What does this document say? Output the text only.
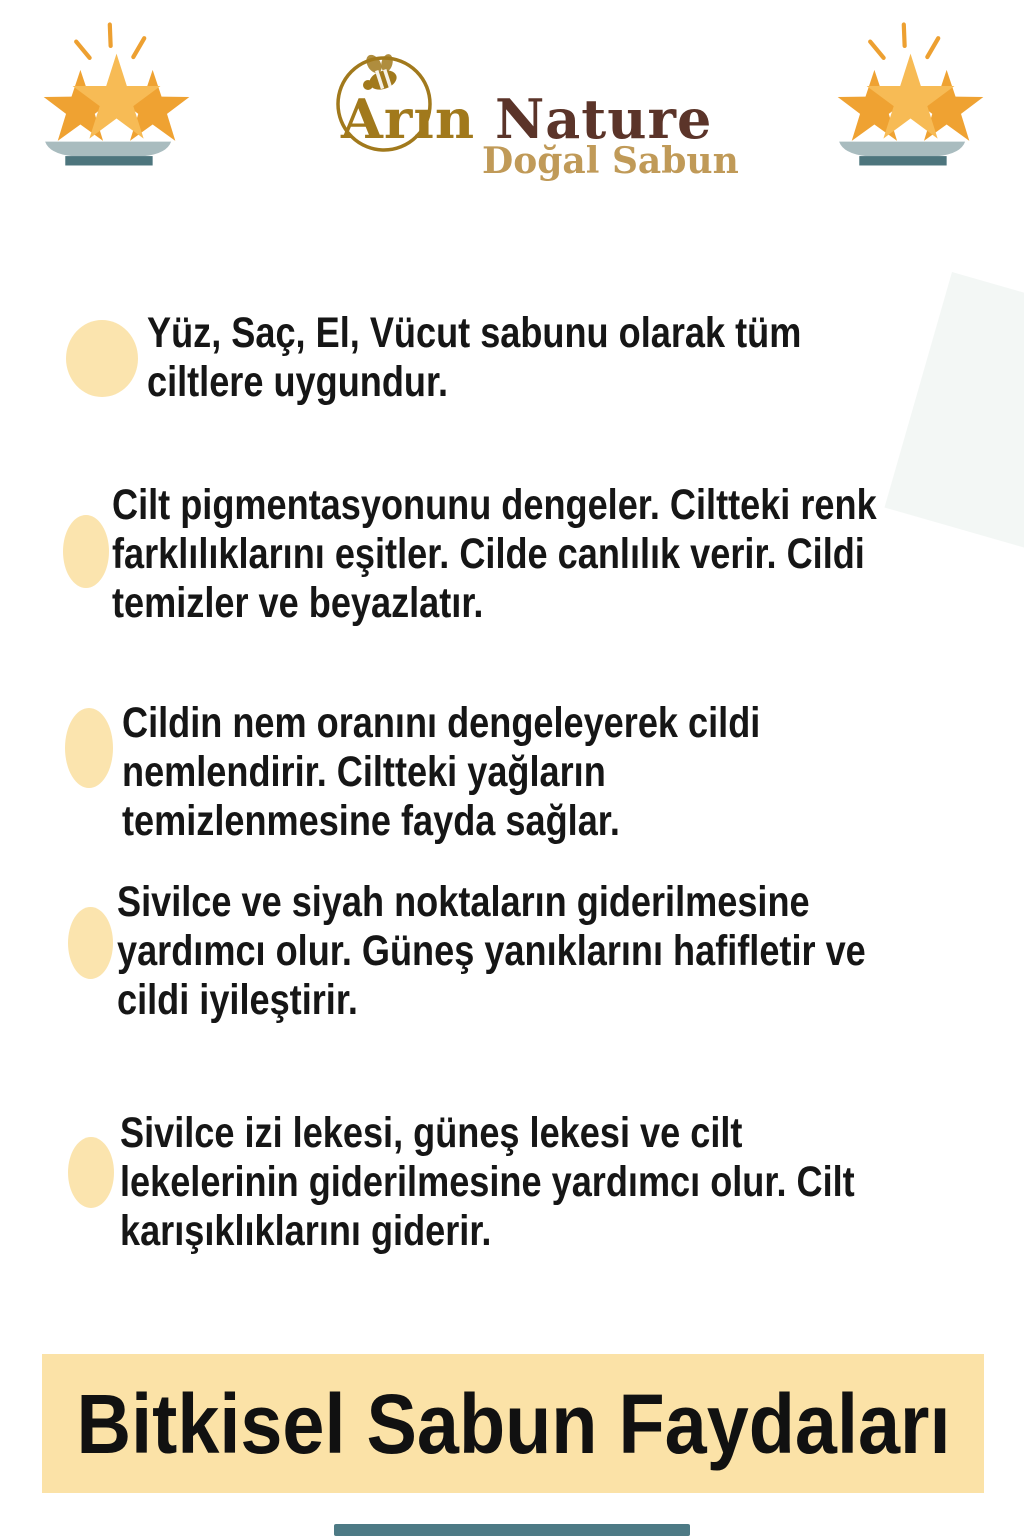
Arın Nature
Doğal Sabun
Yüz, Saç, El, Vücut sabunu olarak tüm
ciltlere uygundur.
Cilt pigmentasyonunu dengeler. Ciltteki renk
farklılıklarını eşitler. Cilde canlılık verir. Cildi
temizler ve beyazlatır.
Cildin nem oranını dengeleyerek cildi
nemlendirir. Ciltteki yağların
temizlenmesine fayda sağlar.
Sivilce ve siyah noktaların giderilmesine
yardımcı olur. Güneş yanıklarını hafifletir ve
cildi iyileştirir.
Sivilce izi lekesi, güneş lekesi ve cilt
lekelerinin giderilmesine yardımcı olur. Cilt
karışıklıklarını giderir.
Bitkisel Sabun Faydaları
